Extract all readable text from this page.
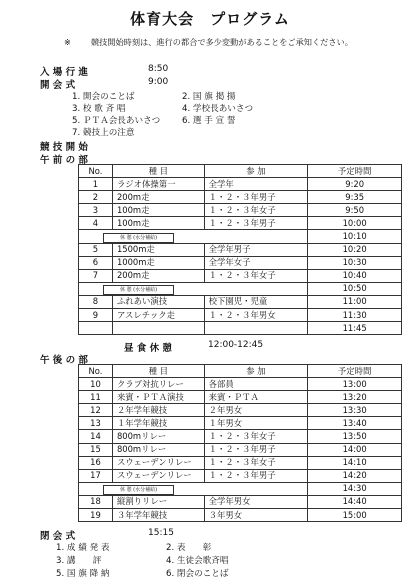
体育大会　プログラム
※ 競技開始時刻は、進行の都合で多少変動があることをご承知ください。
入 場 行 進	8:50
開 会 式	9:00
1. 開会のことば	2. 国 旗 掲 揚
3. 校 歌 斉 唱	4. 学校長あいさつ
5. ＰＴＡ会長あいさつ	6. 選 手 宣 誓
7. 競技上の注意
競 技 開 始
午 前 の 部
No.	種 目	参 加	予定時間
1	ラジオ体操第一	全学年	9:20
2	200m走	１・２・３年男子	9:35
3	100m走	１・２・３年女子	9:50
4	100m走	１・２・３年男子	10:00
休 憩 (水分補給)			10:10
5	1500m走	全学年男子	10:20
6	1000m走	全学年女子	10:30
7	200m走	１・２・３年女子	10:40
休 憩 (水分補給)			10:50
8	ふれあい演技	校下園児・児童	11:00
9	アスレチック走	１・２・３年男女	11:30
			11:45
昼 食 休 憩	12:00-12:45
午 後 の 部
No.	種 目	参 加	予定時間
10	クラブ対抗リレー	各部員	13:00
11	来賓・ＰＴＡ演技	来賓・ＰＴＡ	13:20
12	２年学年競技	２年男女	13:30
13	１年学年競技	１年男女	13:40
14	800mリレー	１・２・３年女子	13:50
15	800mリレー	１・２・３年男子	14:00
16	スウェーデンリレー	１・２・３年女子	14:10
17	スウェーデンリレー	１・２・３年男子	14:20
休 憩 (水分補給)			14:30
18	縦割りリレー	全学年男女	14:40
19	３年学年競技	３年男女	15:00
閉 会 式	15:15
1. 成 績 発 表	2. 表　　彰
3. 講　　評	4. 生徒会歌斉唱
5. 国 旗 降 納	6. 閉会のことば
